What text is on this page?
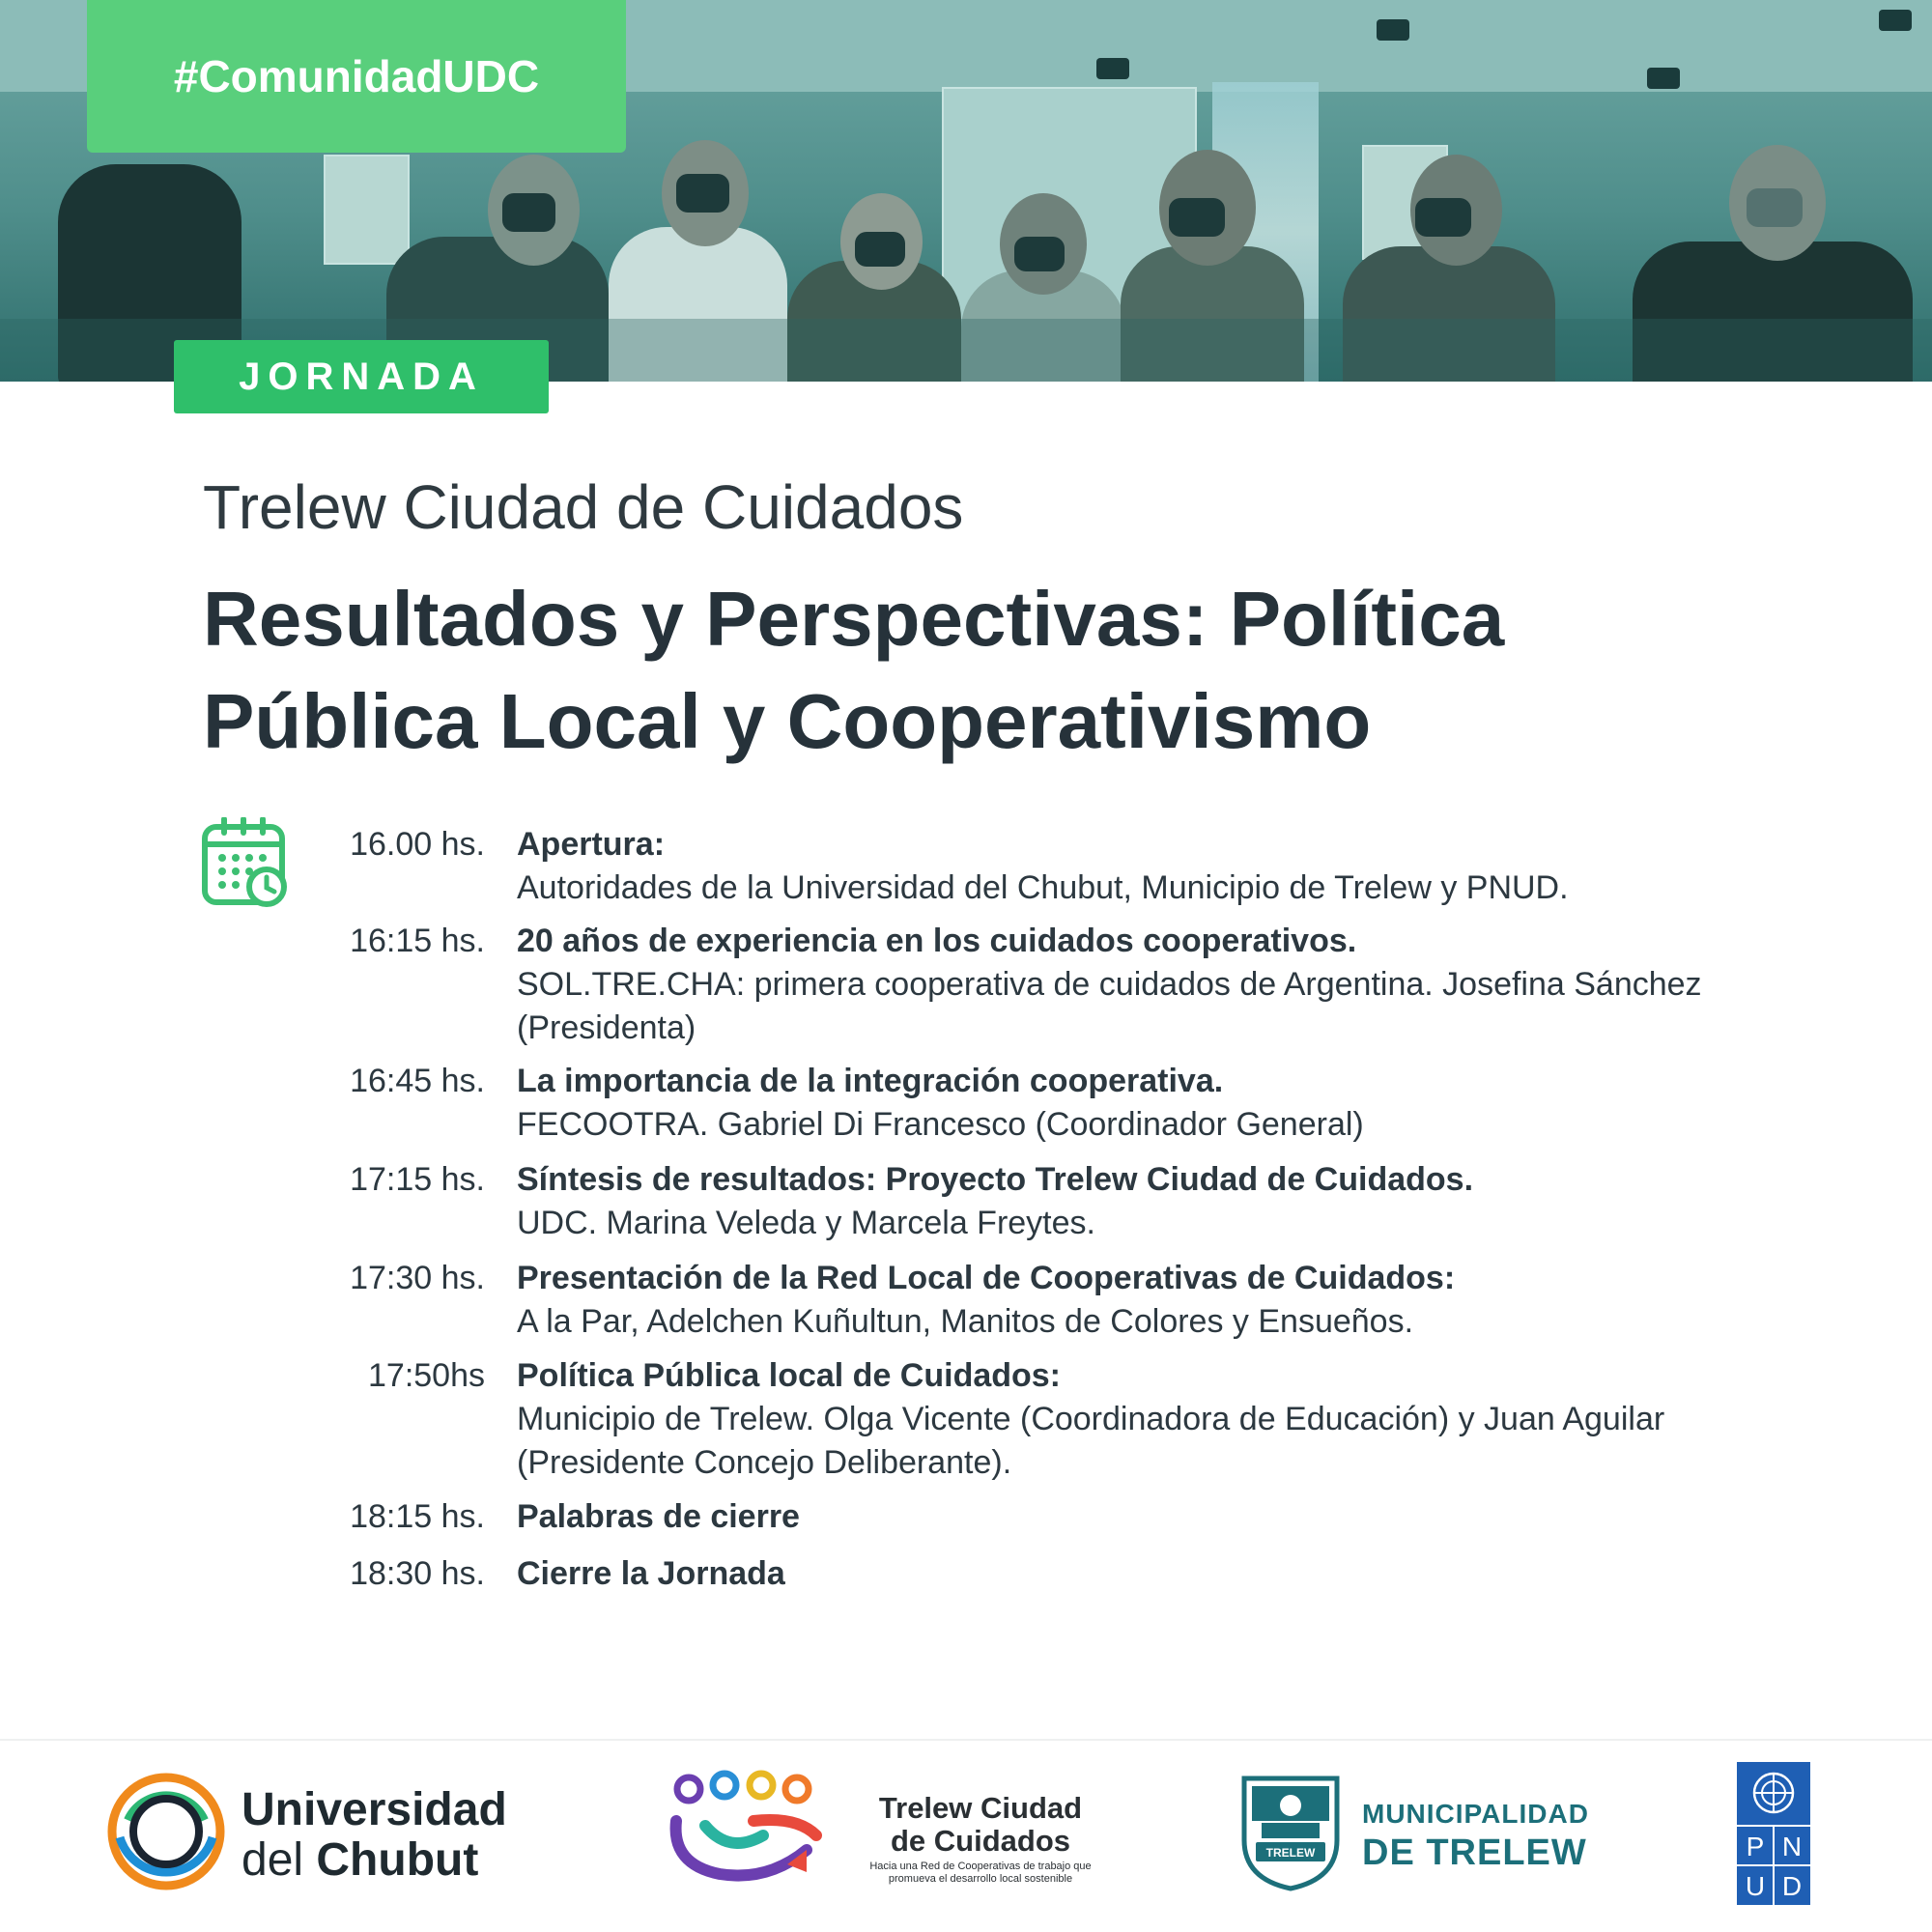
#ComunidadUDC
JORNADA
Trelew Ciudad de Cuidados
Resultados y Perspectivas: Política
Pública Local y Cooperativismo
16.00 hs. Apertura:
Autoridades de la Universidad del Chubut, Municipio de Trelew y PNUD.
16:15 hs. 20 años de experiencia en los cuidados cooperativos.
SOL.TRE.CHA: primera cooperativa de cuidados de Argentina. Josefina Sánchez (Presidenta)
16:45 hs. La importancia de la integración cooperativa.
FECOOTRA. Gabriel Di Francesco (Coordinador General)
17:15 hs. Síntesis de resultados: Proyecto Trelew Ciudad de Cuidados.
UDC. Marina Veleda y Marcela Freytes.
17:30 hs. Presentación de la Red Local de Cooperativas de Cuidados:
A la Par, Adelchen Kuñultun, Manitos de Colores y Ensueños.
17:50hs Política Pública local de Cuidados:
Municipio de Trelew. Olga Vicente (Coordinadora de Educación) y Juan Aguilar (Presidente Concejo Deliberante).
18:15 hs. Palabras de cierre
18:30 hs. Cierre la Jornada
Universidad
del Chubut
Trelew Ciudad de Cuidados
Hacia una Red de Cooperativas de trabajo que promueva el desarrollo local sostenible
TRELEW
MUNICIPALIDAD
DE TRELEW	P N
U D
